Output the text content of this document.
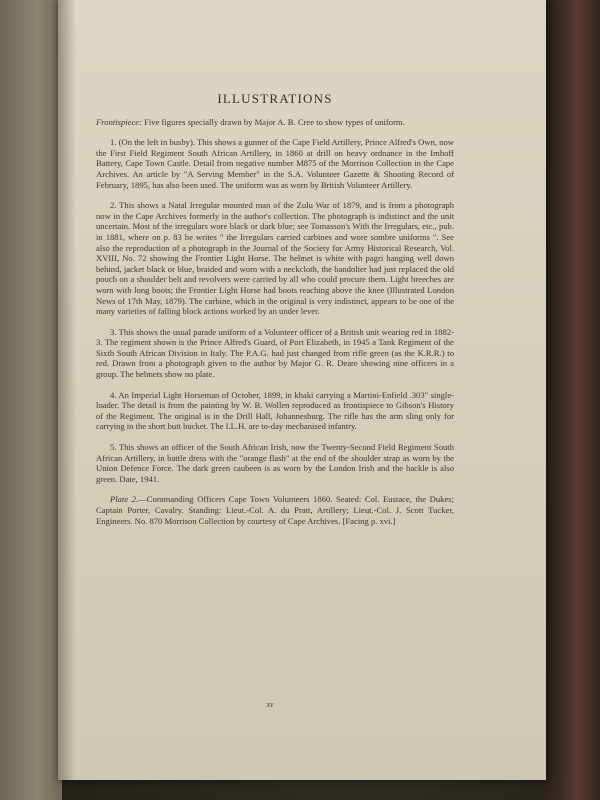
ILLUSTRATIONS

Frontispiece: Five figures specially drawn by Major A. B. Cree to show types of uniform.

1. (On the left in busby). This shows a gunner of the Cape Field Artillery, Prince Alfred's Own, now the First Field Regiment South African Artillery, in 1860 at drill on heavy ordnance in the Imhoff Battery, Cape Town Castle. Detail from negative number M875 of the Morrison Collection in the Cape Archives. An article by "A Serving Member" in the S.A. Volunteer Gazette & Shooting Record of February, 1895, has also been used. The uniform was as worn by British Volunteer Artillery.

2. This shows a Natal Irregular mounted man of the Zulu War of 1879, and is from a photograph now in the Cape Archives formerly in the author's collection. The photograph is indistinct and the unit uncertain. Most of the irregulars wore black or dark blue; see Tomasson's With the Irregulars, etc., pub. in 1881, where on p. 83 he writes " the Irregulars carried carbines and wore sombre uniforms ". See also the reproduction of a photograph in the Journal of the Society for Army Historical Research, Vol. XVIII, No. 72 showing the Frontier Light Horse. The helmet is white with pagri hanging well down behind, jacket black or blue, braided and worn with a neckcloth, the bandolier had just replaced the old pouch on a shoulder belt and revolvers were carried by all who could procure them. Light breeches are worn with long boots; the Frontier Light Horse had boots reaching above the knee (Illustrated London News of 17th May, 1879). The carbine, which in the original is very indistinct, appears to be one of the many varieties of falling block actions worked by an under lever.

3. This shows the usual parade uniform of a Volunteer officer of a British unit wearing red in 1882-3. The regiment shown is the Prince Alfred's Guard, of Port Elizabeth, in 1945 a Tank Regiment of the Sixth South African Division in Italy. The P.A.G. had just changed from rifle green (as the K.R.R.) to red. Drawn from a photograph given to the author by Major G. R. Deare showing nine officers in a group. The helmets show no plate.

4. An Imperial Light Horseman of October, 1899, in khaki carrying a Martini-Enfield .303" single-loader. The detail is from the painting by W. B. Wollen reproduced as frontispiece to Gibson's History of the Regiment. The original is in the Drill Hall, Johannesburg. The rifle has the arm sling only for carrying in the short butt bucket. The I.L.H. are to-day mechanised infantry.

5. This shows an officer of the South African Irish, now the Twenty-Second Field Regiment South African Artillery, in battle dress with the "orange flash" at the end of the shoulder strap as worn by the Union Defence Force. The dark green caubeen is as worn by the London Irish and the hackle is also green. Date, 1941.

Plate 2.—Commanding Officers Cape Town Volunteers 1860. Seated: Col. Eustace, the Dukes; Captain Porter, Cavalry. Standing: Lieut.-Col. A. du Pratt, Artillery; Lieut.-Col. J. Scott Tucker, Engineers. No. 870 Morrison Collection by courtesy of Cape Archives. [Facing p. xvi.]

xv
